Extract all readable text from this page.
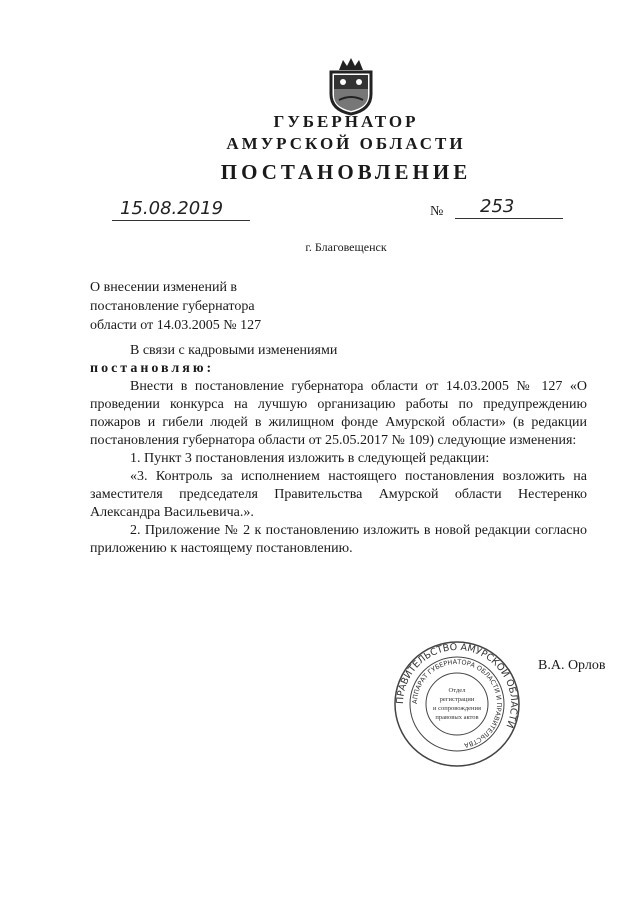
ГУБЕРНАТОР
АМУРСКОЙ ОБЛАСТИ
ПОСТАНОВЛЕНИЕ
15.08.2019	№ 253
г. Благовещенск
О внесении изменений в
постановление губернатора
области от 14.03.2005 № 127

В связи с кадровыми изменениями

постановляю:

Внести в постановление губернатора области от 14.03.2005 № 127 «О проведении конкурса на лучшую организацию работы по предупреждению пожаров и гибели людей в жилищном фонде Амурской области» (в редакции постановления губернатора области от 25.05.2017 № 109) следующие изменения:

1. Пункт 3 постановления изложить в следующей редакции:

«3. Контроль за исполнением настоящего постановления возложить на заместителя председателя Правительства Амурской области Нестеренко Александра Васильевича.».

2. Приложение № 2 к постановлению изложить в новой редакции согласно приложению к настоящему постановлению.

ПРАВИТЕЛЬСТВО АМУРСКОЙ ОБЛАСТИ
АППАРАТ ГУБЕРНАТОРА ОБЛАСТИ И ПРАВИТЕЛЬСТВА
Отдел
регистрации
и сопровождения
правовых актов
В.А. Орлов
